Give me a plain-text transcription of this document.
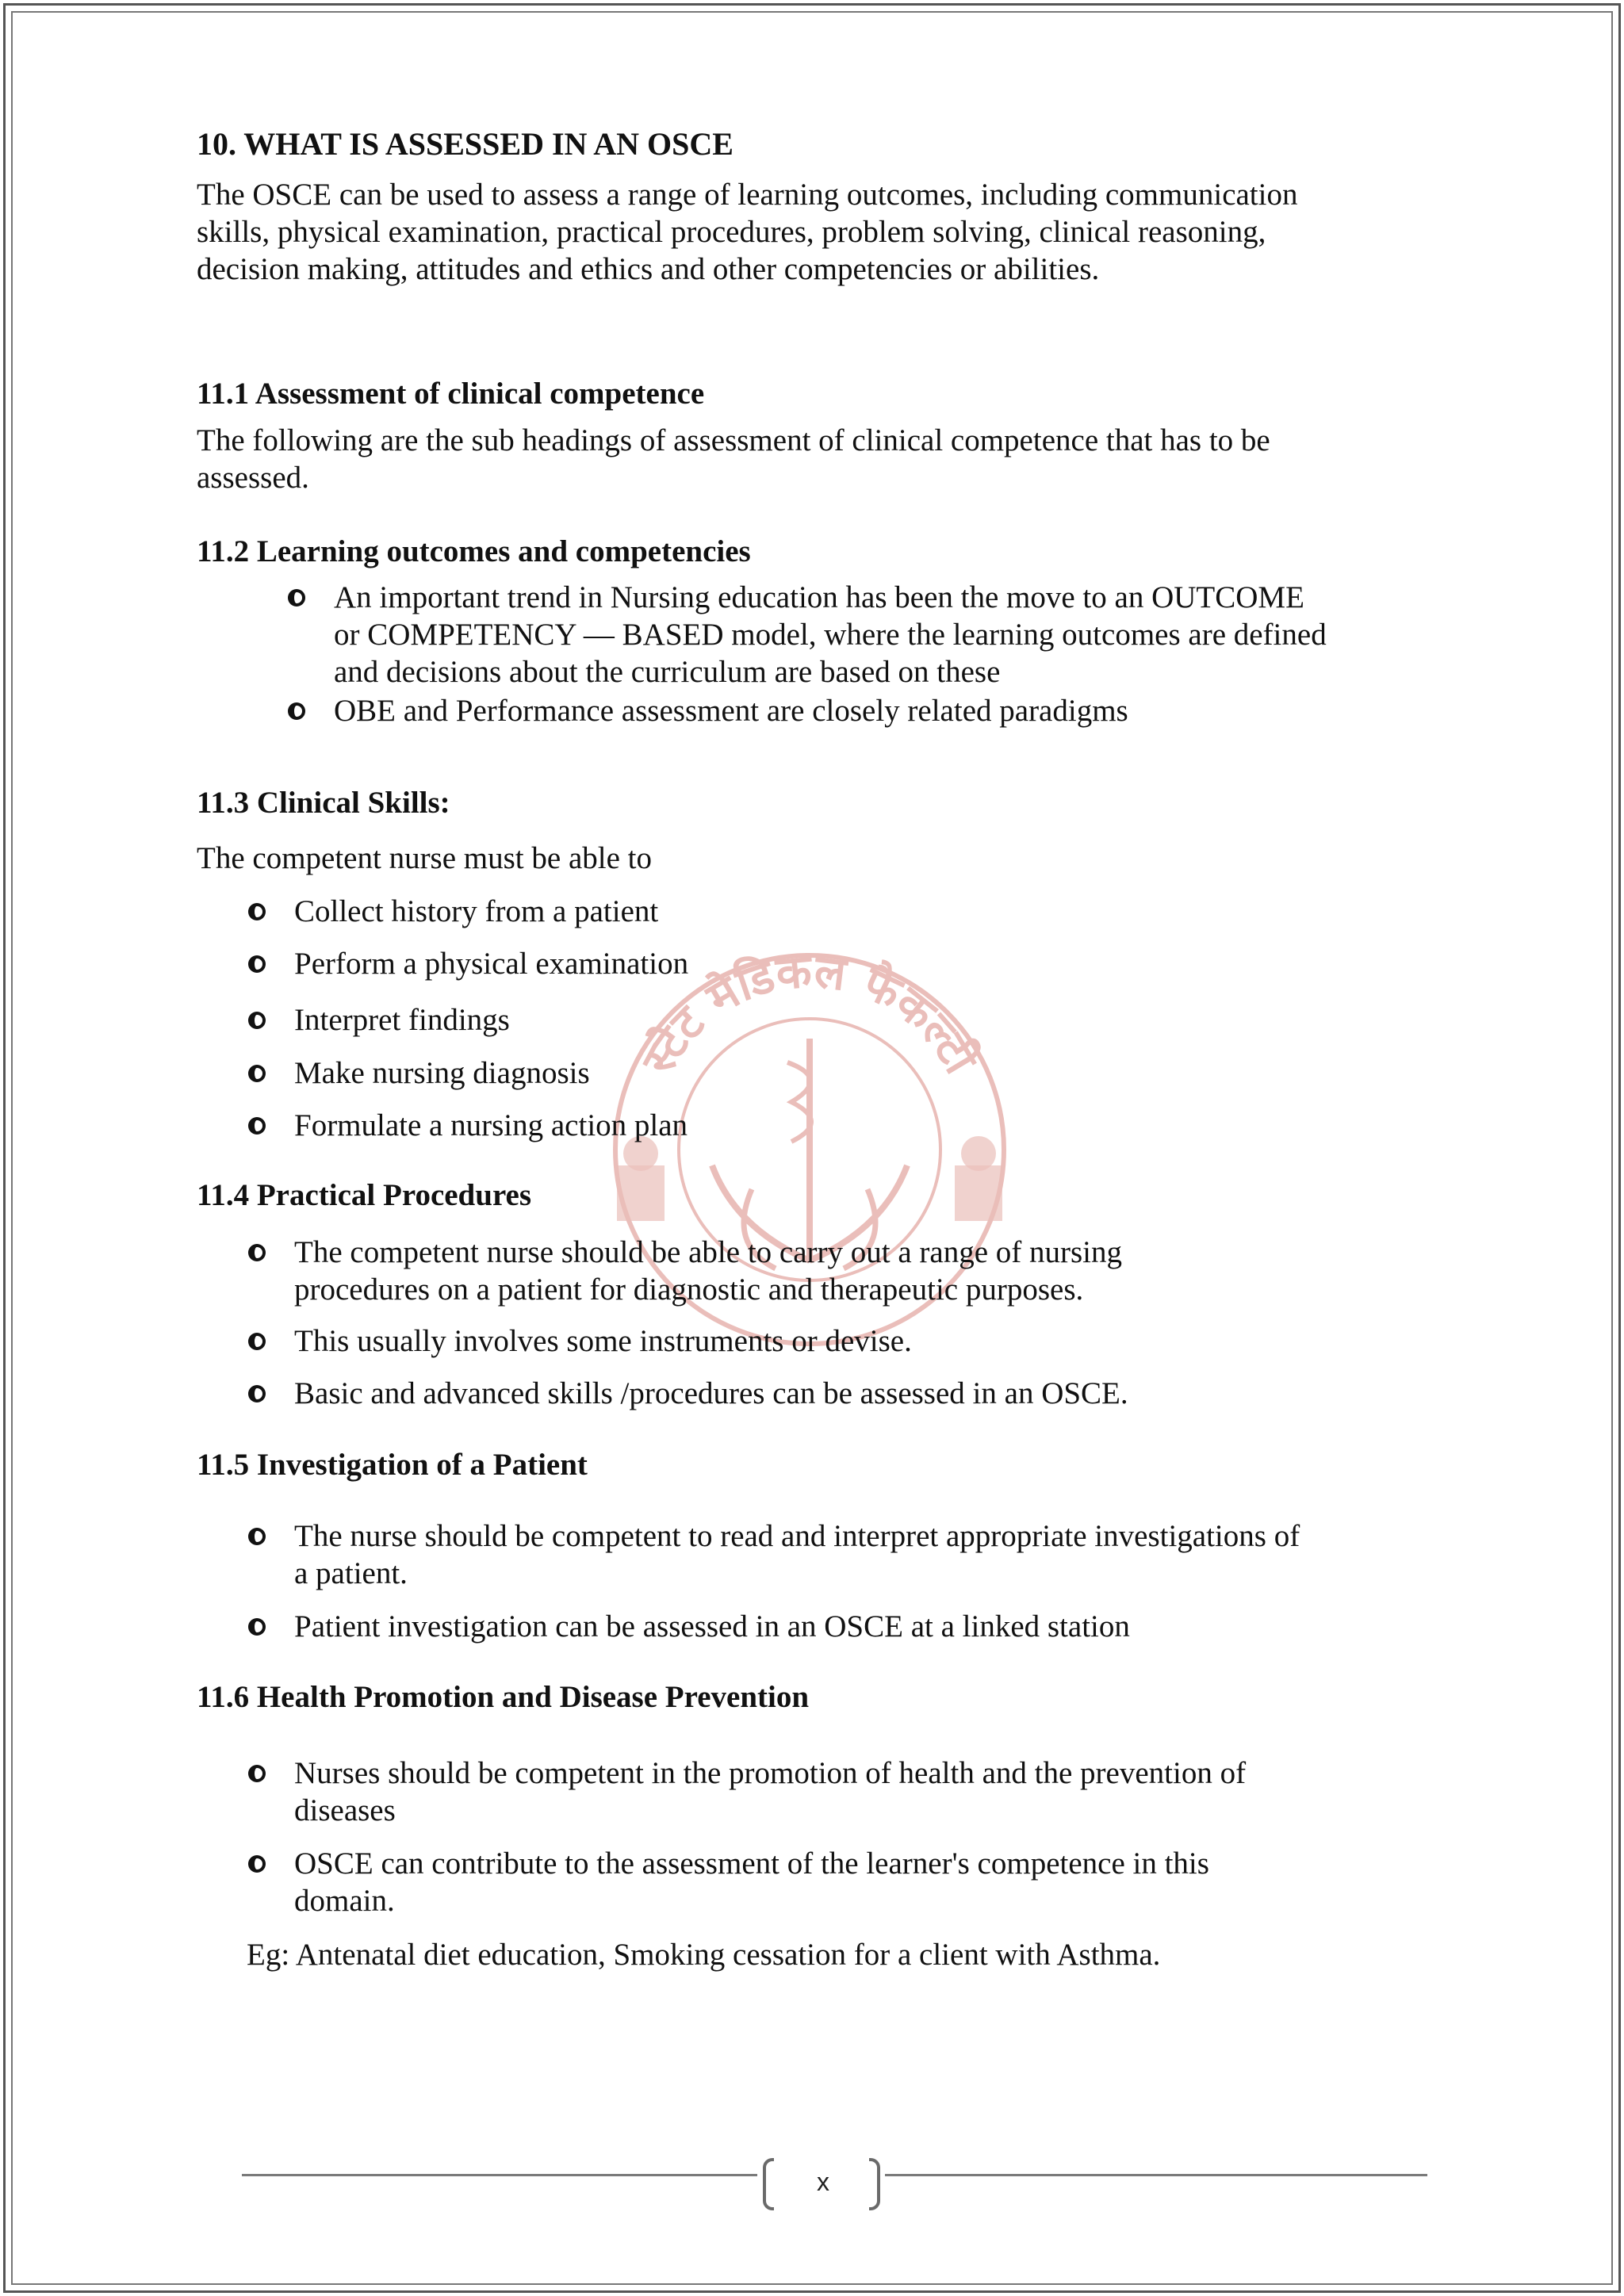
स्टेट मेडिकल फैकल्टी
10. WHAT IS ASSESSED IN AN OSCE
The OSCE can be used to assess a range of learning outcomes, including communication
skills, physical examination, practical procedures, problem solving, clinical reasoning,
decision making, attitudes and ethics and other competencies or abilities.
11.1 Assessment of clinical competence
The following are the sub headings of assessment of clinical competence that has to be
assessed.
11.2 Learning outcomes and competencies
An important trend in Nursing education has been the move to an OUTCOME
or COMPETENCY — BASED model, where the learning outcomes are defined
and decisions about the curriculum are based on these
OBE and Performance assessment are closely related paradigms
11.3 Clinical Skills:
The competent nurse must be able to
Collect history from a patient
Perform a physical examination
Interpret findings
Make nursing diagnosis
Formulate a nursing action plan
11.4 Practical Procedures
The competent nurse should be able to carry out a range of nursing
procedures on a patient for diagnostic and therapeutic purposes.
This usually involves some instruments or devise.
Basic and advanced skills /procedures can be assessed in an OSCE.
11.5 Investigation of a Patient
The nurse should be competent to read and interpret appropriate investigations of
a patient.
Patient investigation can be assessed in an OSCE at a linked station
11.6 Health Promotion and Disease Prevention
Nurses should be competent in the promotion of health and the prevention of
diseases
OSCE can contribute to the assessment of the learner's competence in this
domain.
Eg: Antenatal diet education, Smoking cessation for a client with Asthma.
x
